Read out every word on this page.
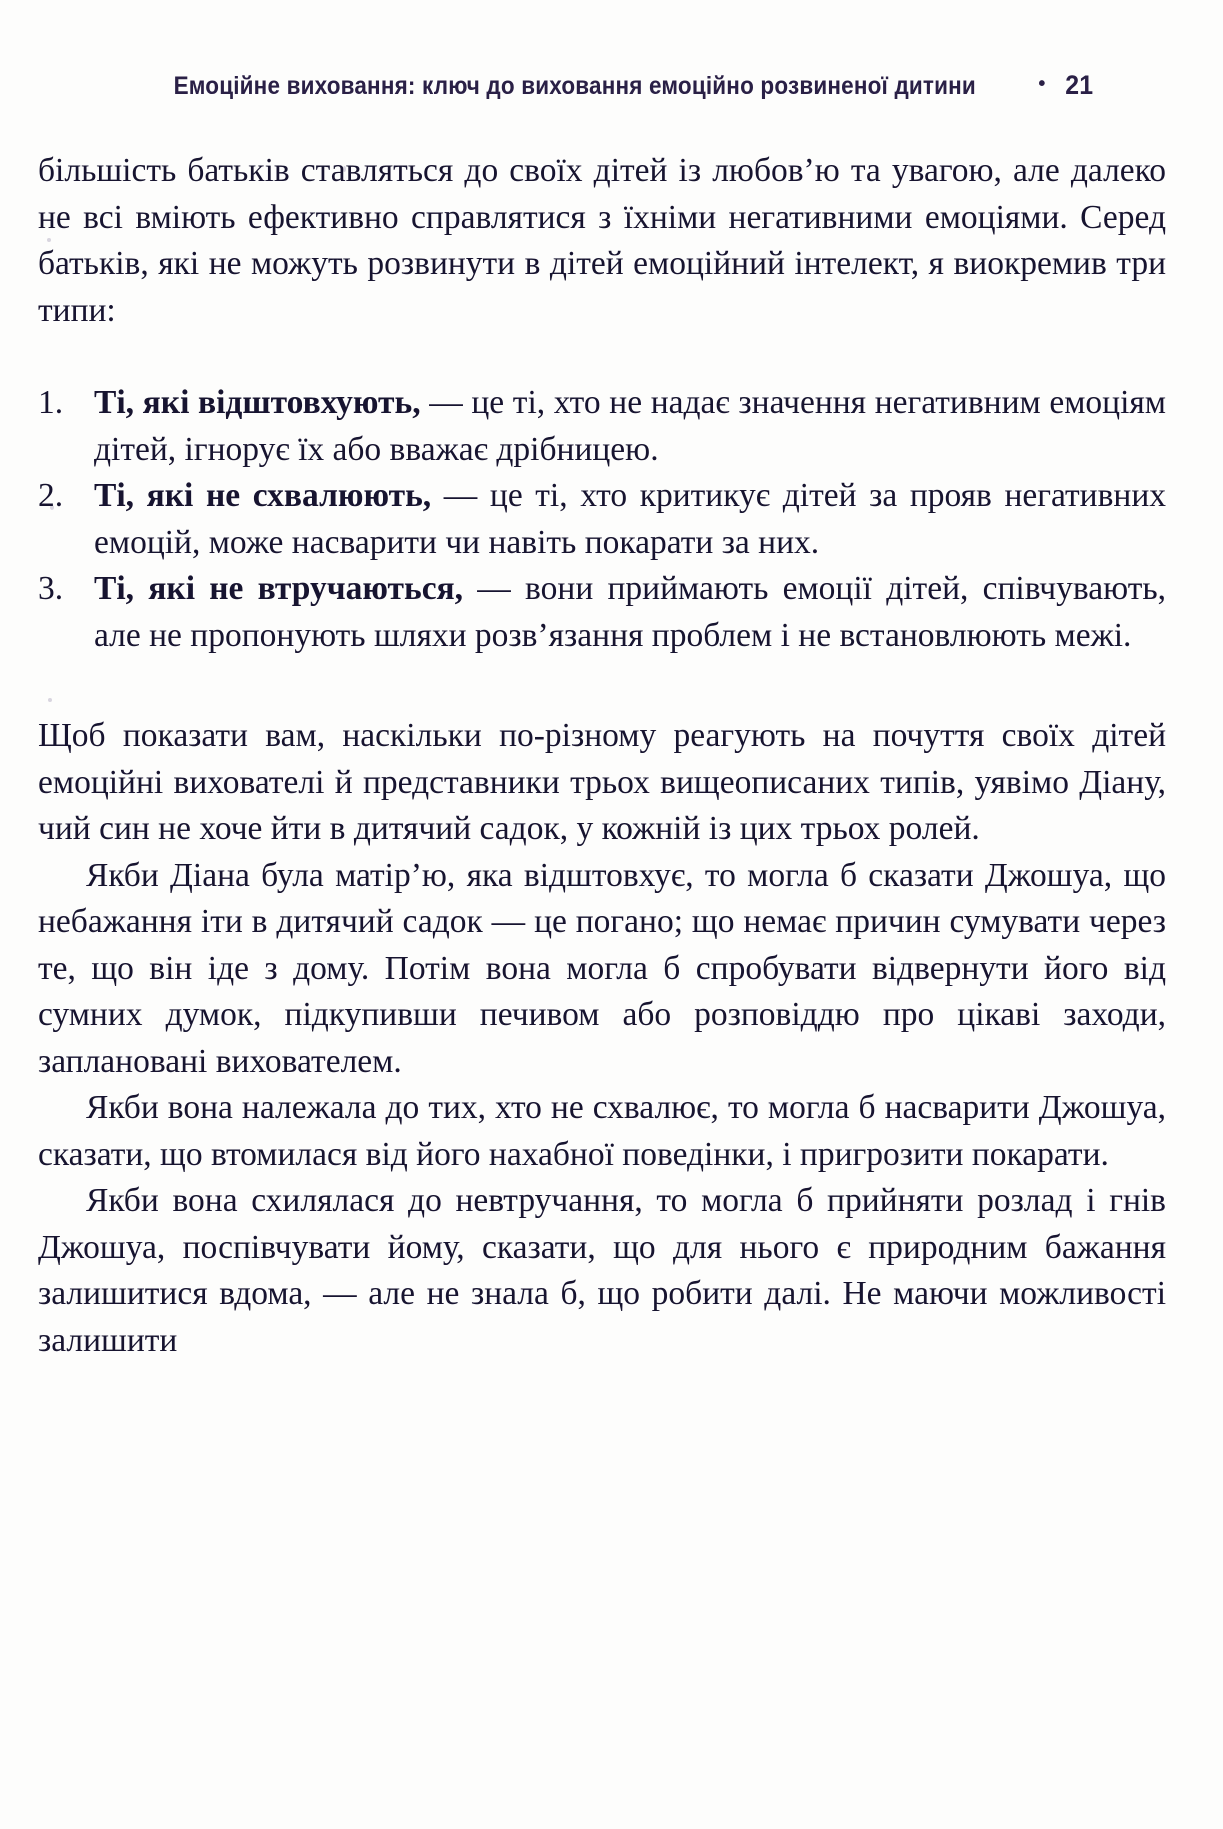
Емоційне виховання: ключ до виховання емоційно розвиненої дитини	• 21

більшість батьків ставляться до своїх дітей із любов’ю та увагою, але далеко не всі вміють ефективно справлятися з їхніми негативними емоціями. Серед батьків, які не можуть розвинути в дітей емоційний інтелект, я виокремив три типи:

1. Ті, які відштовхують, — це ті, хто не надає значення негативним емоціям дітей, ігнорує їх або вважає дрібницею.
2. Ті, які не схвалюють, — це ті, хто критикує дітей за прояв негативних емоцій, може насварити чи навіть покарати за них.
3. Ті, які не втручаються, — вони приймають емоції дітей, співчувають, але не пропонують шляхи розв’язання проблем і не встановлюють межі.

Щоб показати вам, наскільки по-різному реагують на почуття своїх дітей емоційні вихователі й представники трьох вищеописаних типів, уявімо Діану, чий син не хоче йти в дитячий садок, у кожній із цих трьох ролей.

Якби Діана була матір’ю, яка відштовхує, то могла б сказати Джошуа, що небажання іти в дитячий садок — це погано; що немає причин сумувати через те, що він іде з дому. Потім вона могла б спробувати відвернути його від сумних думок, підкупивши печивом або розповіддю про цікаві заходи, заплановані вихователем.

Якби вона належала до тих, хто не схвалює, то могла б насварити Джошуа, сказати, що втомилася від його нахабної поведінки, і пригрозити покарати.

Якби вона схилялася до невтручання, то могла б прийняти розлад і гнів Джошуа, поспівчувати йому, сказати, що для нього є природним бажання залишитися вдома, — але не знала б, що робити далі. Не маючи можливості залишити
